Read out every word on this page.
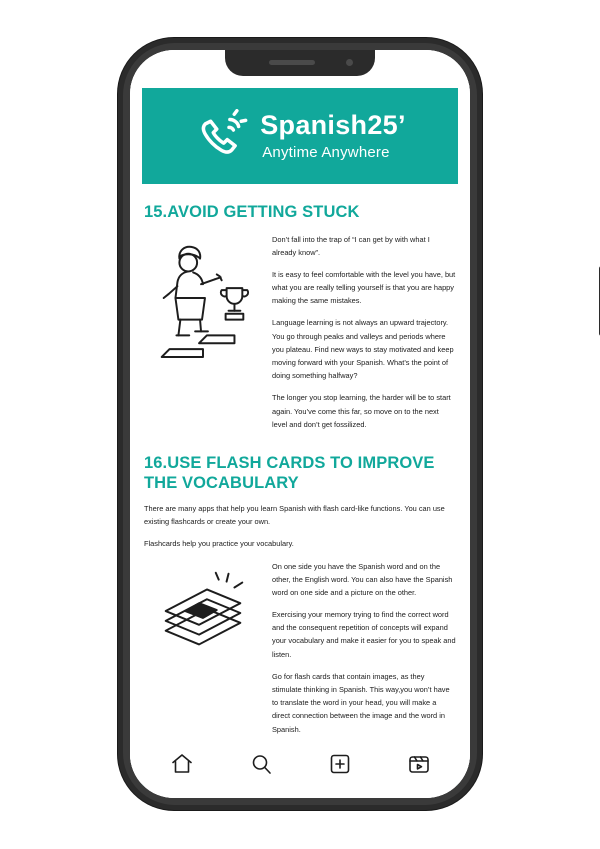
Spanish25’
Anytime Anywhere
15.AVOID GETTING STUCK

Don’t fall into the trap of “I can get by with what I already know”.

It is easy to feel comfortable with the level you have, but what you are really telling yourself is that you are happy making the same mistakes.

Language learning is not always an upward trajectory. You go through peaks and valleys and periods where you plateau. Find new ways to stay motivated and keep moving forward with your Spanish. What’s the point of doing something halfway?

The longer you stop learning, the harder will be to start again. You’ve come this far, so move on to the next level and don’t get fossilized.

16.USE FLASH CARDS TO IMPROVE THE VOCABULARY

There are many apps that help you learn Spanish with flash card-like functions. You can use existing flashcards or create your own.

Flashcards help you practice your vocabulary.

On one side you have the Spanish word and on the other, the English word. You can also have the Spanish word on one side and a picture on the other.

Exercising your memory trying to find the correct word and the consequent repetition of concepts will expand your vocabulary and make it easier for you to speak and listen.

Go for flash cards that contain images, as they stimulate thinking in Spanish. This way,you won’t have to translate the word in your head, you will make a direct connection between the image and the word in Spanish.
